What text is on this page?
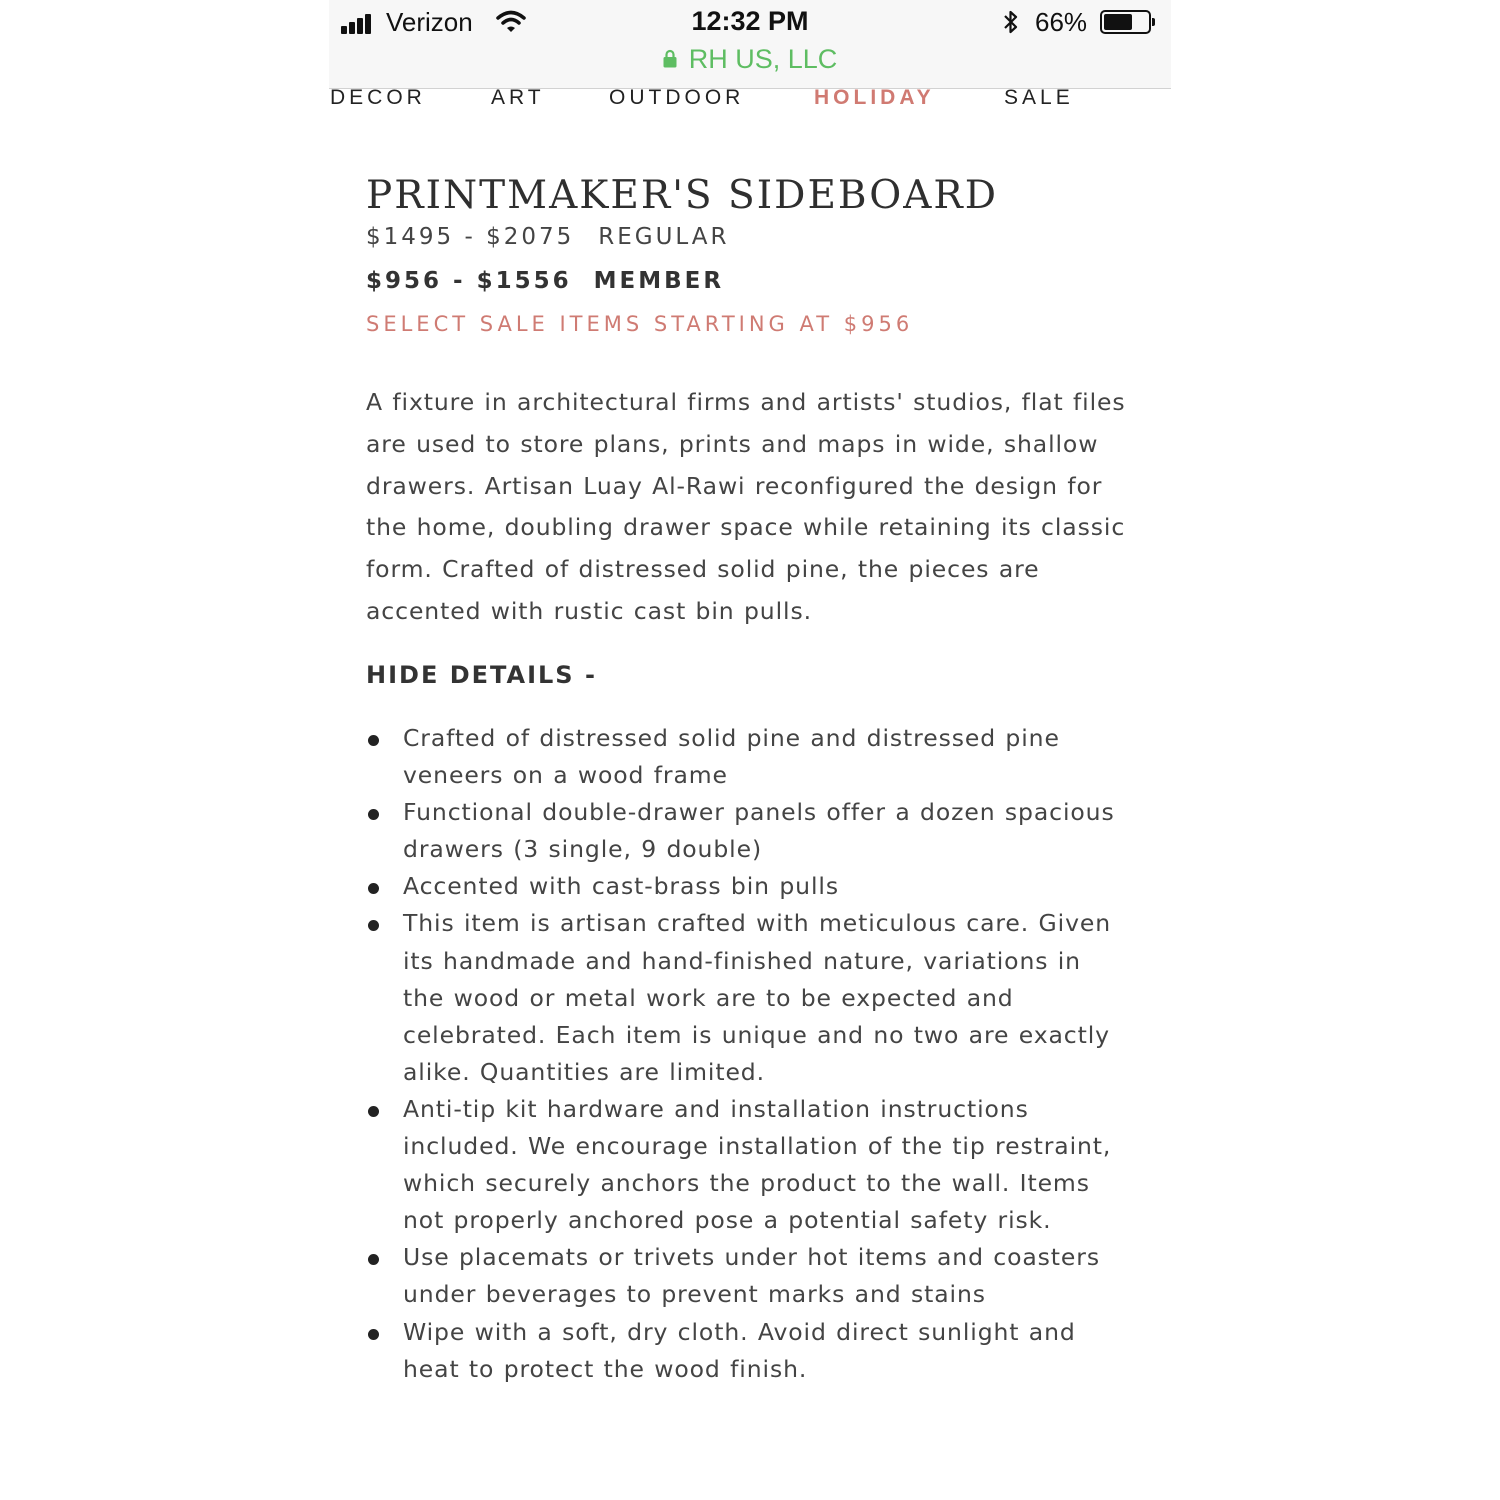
Verizon	12:32 PM	66%
RH US, LLC
DECOR	ART	OUTDOOR	HOLIDAY	SALE
PRINTMAKER'S SIDEBOARD
$1495 - $2075 REGULAR
$956 - $1556 MEMBER
SELECT SALE ITEMS STARTING AT $956
A fixture in architectural firms and artists' studios, flat files are used to store plans, prints and maps in wide, shallow drawers. Artisan Luay Al-Rawi reconfigured the design for the home, doubling drawer space while retaining its classic form. Crafted of distressed solid pine, the pieces are accented with rustic cast bin pulls.
HIDE DETAILS -
Crafted of distressed solid pine and distressed pine veneers on a wood frame
Functional double-drawer panels offer a dozen spacious drawers (3 single, 9 double)
Accented with cast-brass bin pulls
This item is artisan crafted with meticulous care. Given its handmade and hand-finished nature, variations in the wood or metal work are to be expected and celebrated. Each item is unique and no two are exactly alike. Quantities are limited.
Anti-tip kit hardware and installation instructions included. We encourage installation of the tip restraint, which securely anchors the product to the wall. Items not properly anchored pose a potential safety risk.
Use placemats or trivets under hot items and coasters under beverages to prevent marks and stains
Wipe with a soft, dry cloth. Avoid direct sunlight and heat to protect the wood finish.
